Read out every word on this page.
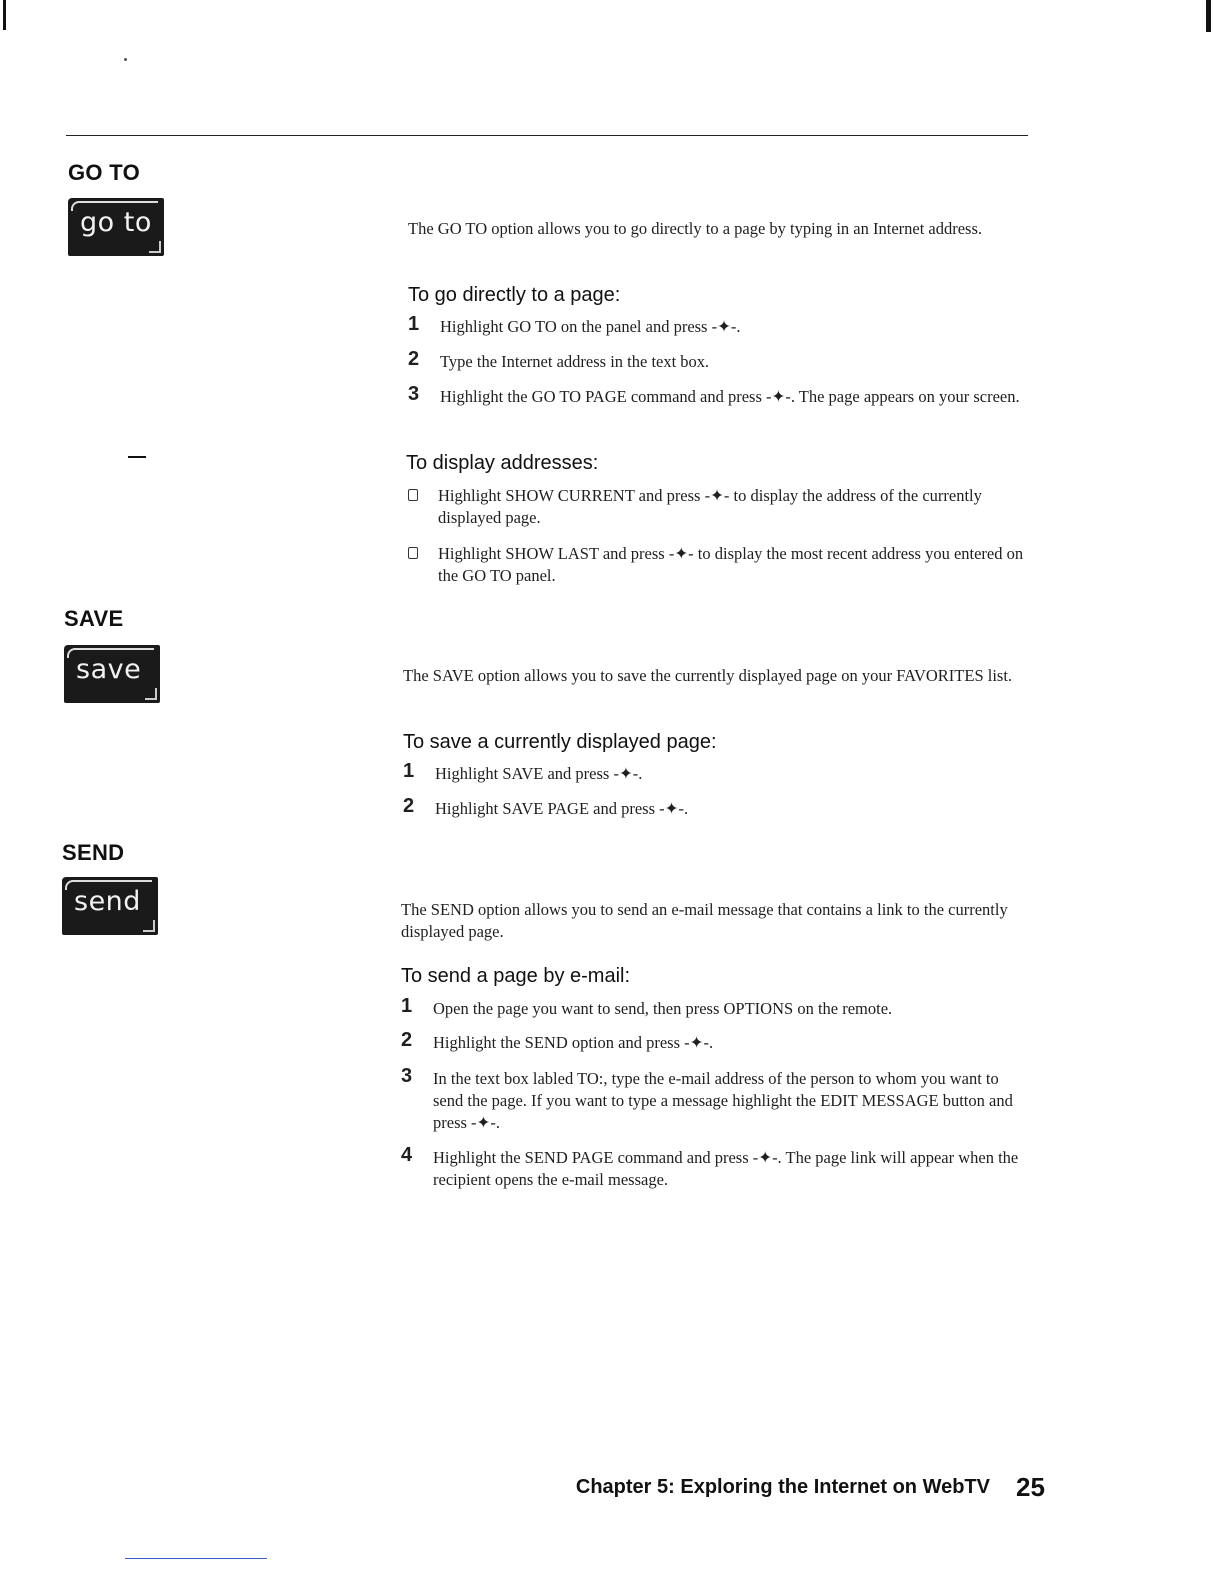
GO TO
go to	The GO TO option allows you to go directly to a page by typing in an Internet address.
To go directly to a page:
1 Highlight GO TO on the panel and press -✦-.
2 Type the Internet address in the text box.
3 Highlight the GO TO PAGE command and press -✦-. The page appears on your screen.
To display addresses:
Highlight SHOW CURRENT and press -✦- to display the address of the currently displayed page.
Highlight SHOW LAST and press -✦- to display the most recent address you entered on the GO TO panel.
SAVE
save	The SAVE option allows you to save the currently displayed page on your FAVORITES list.
To save a currently displayed page:
1 Highlight SAVE and press -✦-.
2 Highlight SAVE PAGE and press -✦-.
SEND
send	The SEND option allows you to send an e-mail message that contains a link to the currently displayed page.
To send a page by e-mail:
1 Open the page you want to send, then press OPTIONS on the remote.
2 Highlight the SEND option and press -✦-.
3 In the text box labled TO:, type the e-mail address of the person to whom you want to send the page. If you want to type a message highlight the EDIT MESSAGE button and press -✦-.
4 Highlight the SEND PAGE command and press -✦-. The page link will appear when the recipient opens the e-mail message.
Chapter 5: Exploring the Internet on WebTV 25
